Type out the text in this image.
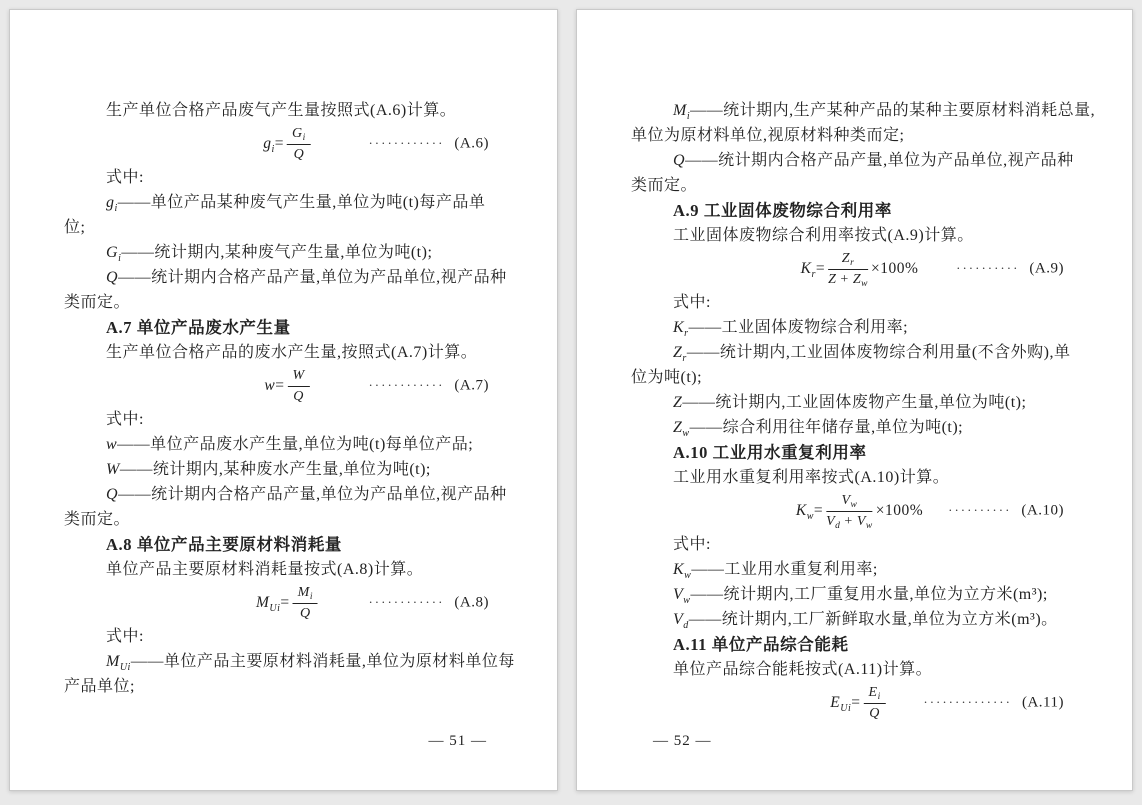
生产单位合格产品废气产生量按照式(A.6)计算。
g $i = \frac{G_i}{Q}$	············ (A.6)
式中:
$g_i——$单位产品某种废气产生量,单位为吨(t)每产品单
位;
$G_i——$统计期内,某种废气产生量,单位为吨(t);
Q——统计期内合格产品产量,单位为产品单位,视产品种
类而定。
A.7 单位产品废水产生量
生产单位合格产品的废水产生量,按照式(A.7)计算。
$w = \frac{W}{Q}$	············ (A.7)
式中:
w——单位产品废水产生量,单位为吨(t)每单位产品;
W——统计期内,某种废水产生量,单位为吨(t);
Q——统计期内合格产品产量,单位为产品单位,视产品种
类而定。
A.8 单位产品主要原材料消耗量
单位产品主要原材料消耗量按式(A.8)计算。
M $Ui = \frac{M_i}{Q}$	············ (A.8)
式中:
$M_{Ui}——$单位产品主要原材料消耗量,单位为原材料单位每
产品单位;
— 51 —
$M_i——$统计期内,生产某种产品的某种主要原材料消耗总量,
单位为原材料单位,视原材料种类而定;
Q——统计期内合格产品产量,单位为产品单位,视产品种
类而定。
A.9 工业固体废物综合利用率
工业固体废物综合利用率按式(A.9)计算。
K $r = \frac{Z_r}{Z + Z_w} \times 100\%$	·········· (A.9)
式中:
$K_r——$工业固体废物综合利用率;
$Z_r——$统计期内,工业固体废物综合利用量(不含外购),单
位为吨(t);
Z——统计期内,工业固体废物产生量,单位为吨(t);
$Z_w——$综合利用往年储存量,单位为吨(t);
A.10 工业用水重复利用率
工业用水重复利用率按式(A.10)计算。
K $w = \frac{V_w}{V_d + V_w} \times 100\%$ ·········· (A.10)
式中:
$K_w——$工业用水重复利用率;
$V_w——$统计期内,工厂重复用水量,单位为立方米(m³);
$V_d——$统计期内,工厂新鲜取水量,单位为立方米(m³)。
A.11 单位产品综合能耗
单位产品综合能耗按式(A.11)计算。
E $Ui = \frac{E_i}{Q}$	·············· (A.11)
— 52 —
